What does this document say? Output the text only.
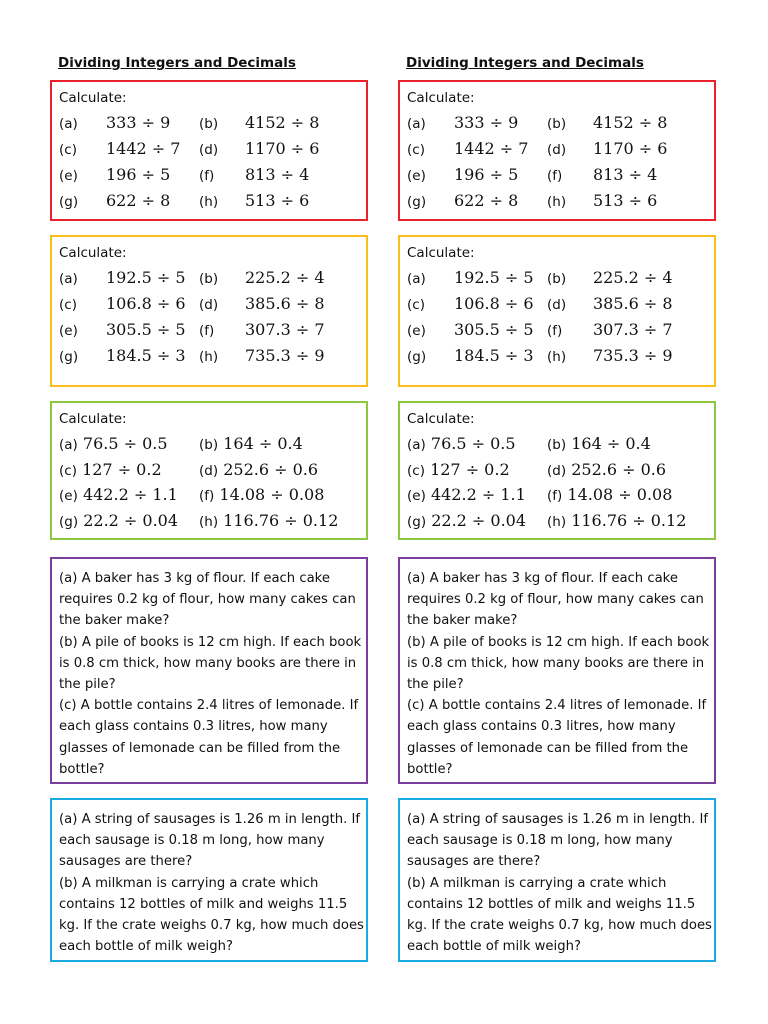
Dividing Integers and Decimals
Calculate:
(a) 333 ÷ 9 (b) 4152 ÷ 8
(c) 1442 ÷ 7 (d) 1170 ÷ 6
(e) 196 ÷ 5 (f) 813 ÷ 4
(g) 622 ÷ 8 (h) 513 ÷ 6
Calculate:
(a) 192.5 ÷ 5 (b) 225.2 ÷ 4
(c) 106.8 ÷ 6 (d) 385.6 ÷ 8
(e) 305.5 ÷ 5 (f) 307.3 ÷ 7
(g) 184.5 ÷ 3 (h) 735.3 ÷ 9
Calculate:
(a) 76.5 ÷ 0.5 (b) 164 ÷ 0.4
(c) 127 ÷ 0.2	(d) 252.6 ÷ 0.6
(e) 442.2 ÷ 1.1 (f) 14.08 ÷ 0.08
(g) 22.2 ÷ 0.04 (h) 116.76 ÷ 0.12

(a) A baker has 3 kg of flour. If each cake requires 0.2 kg of flour, how many cakes can the baker make?

(b) A pile of books is 12 cm high. If each book is 0.8 cm thick, how many books are there in the pile?

(c) A bottle contains 2.4 litres of lemonade. If each glass contains 0.3 litres, how many glasses of lemonade can be filled from the bottle?

(a) A string of sausages is 1.26 m in length. If each sausage is 0.18 m long, how many sausages are there?

(b) A milkman is carrying a crate which contains 12 bottles of milk and weighs 11.5 kg. If the crate weighs 0.7 kg, how much does each bottle of milk weigh?

Dividing Integers and Decimals
Calculate:
(a) 333 ÷ 9 (b) 4152 ÷ 8
(c) 1442 ÷ 7 (d) 1170 ÷ 6
(e) 196 ÷ 5 (f) 813 ÷ 4
(g) 622 ÷ 8 (h) 513 ÷ 6
Calculate:
(a) 192.5 ÷ 5 (b) 225.2 ÷ 4
(c) 106.8 ÷ 6 (d) 385.6 ÷ 8
(e) 305.5 ÷ 5 (f) 307.3 ÷ 7
(g) 184.5 ÷ 3 (h) 735.3 ÷ 9
Calculate:
(a) 76.5 ÷ 0.5 (b) 164 ÷ 0.4
(c) 127 ÷ 0.2	(d) 252.6 ÷ 0.6
(e) 442.2 ÷ 1.1 (f) 14.08 ÷ 0.08
(g) 22.2 ÷ 0.04 (h) 116.76 ÷ 0.12

(a) A baker has 3 kg of flour. If each cake requires 0.2 kg of flour, how many cakes can the baker make?

(b) A pile of books is 12 cm high. If each book is 0.8 cm thick, how many books are there in the pile?

(c) A bottle contains 2.4 litres of lemonade. If each glass contains 0.3 litres, how many glasses of lemonade can be filled from the bottle?

(a) A string of sausages is 1.26 m in length. If each sausage is 0.18 m long, how many sausages are there?

(b) A milkman is carrying a crate which contains 12 bottles of milk and weighs 11.5 kg. If the crate weighs 0.7 kg, how much does each bottle of milk weigh?
